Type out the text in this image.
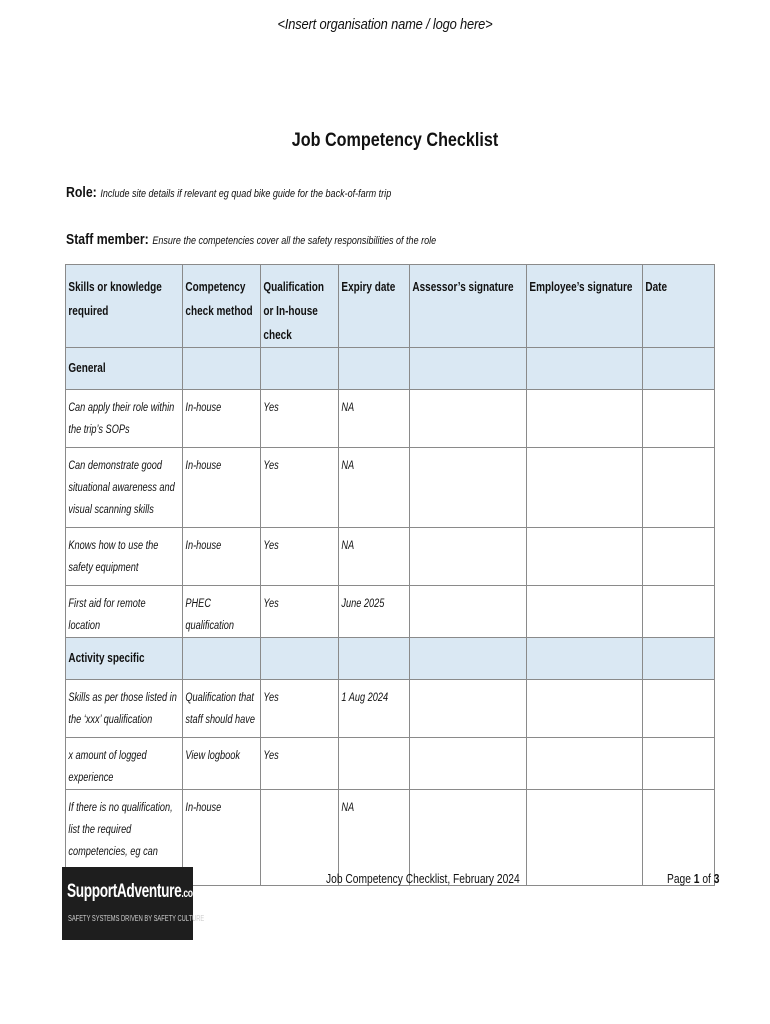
<Insert organisation name / logo here>
Job Competency Checklist
Role: Include site details if relevant eg quad bike guide for the back-of-farm trip
Staff member: Ensure the competencies cover all the safety responsibilities of the role
Skills or knowledge required	Competency check method	Qualification or In-house check	Expiry date	Assessor’s signature	Employee’s signature	Date

General						

Can apply their role within the trip’s SOPs	In-house	Yes	NA			

Can demonstrate good situational awareness and visual scanning skills	In-house	Yes	NA			

Knows how to use the safety equipment	In-house	Yes	NA			

First aid for remote location	PHEC qualification	Yes	June 2025			

Activity specific						

Skills as per those listed in the ‘xxx’ qualification	Qualification that staff should have	Yes	1 Aug 2024			

x amount of logged experience	View logbook	Yes				

If there is no qualification, list the required competencies, eg can	In-house		NA			

SupportAdventure.co.nz
SAFETY SYSTEMS DRIVEN BY SAFETY CULTURE
Job Competency Checklist, February 2024	Page 1 of 3
